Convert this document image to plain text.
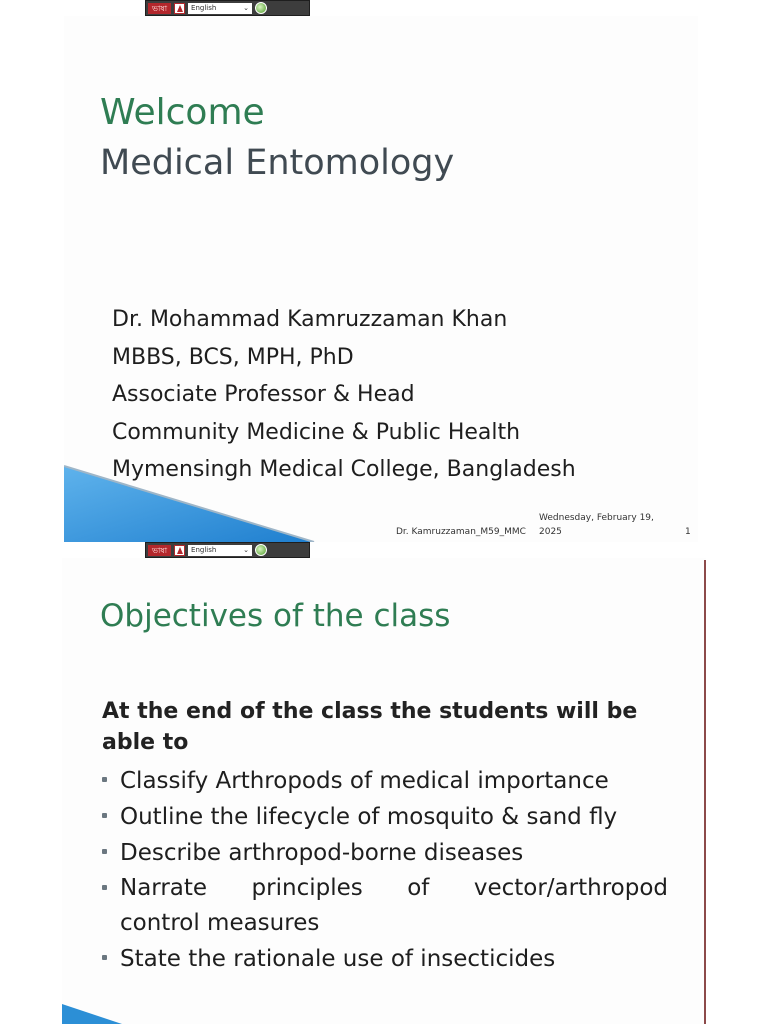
ভাষা	English	⌄
Welcome
Medical Entomology
Dr. Mohammad Kamruzzaman Khan
MBBS, BCS, MPH, PhD
Associate Professor & Head
Community Medicine & Public Health
Mymensingh Medical College, Bangladesh
Dr. Kamruzzaman_M59_MMC
Wednesday, February 19,
2025	1
ভাষা	English	⌄
Objectives of the class

At the end of the class the students will be able to

Classify Arthropods of medical importance
Outline the lifecycle of mosquito & sand fly
Describe arthropod-borne diseases
Narrate principles of vector/arthropod
control measures
State the rationale use of insecticides
